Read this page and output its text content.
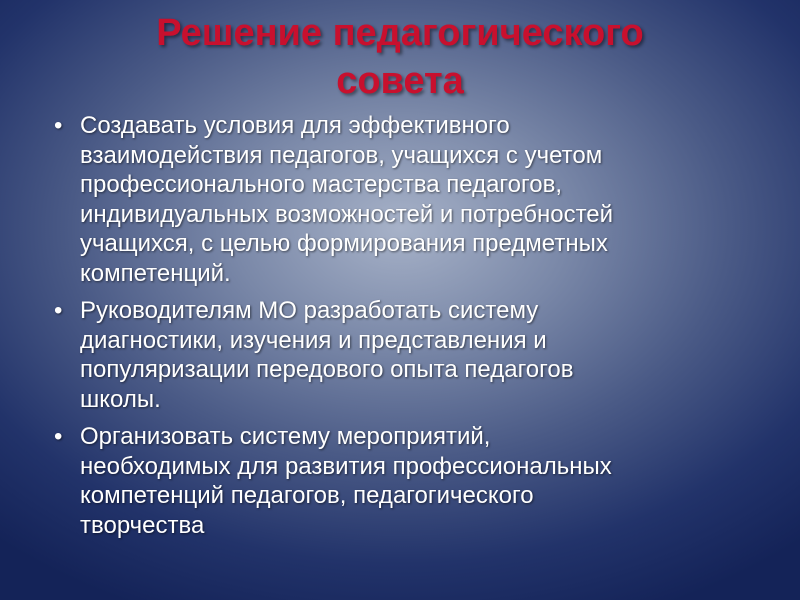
Решение педагогического
совета
• Создавать условия для эффективного
взаимодействия педагогов, учащихся с учетом
профессионального мастерства педагогов,
индивидуальных возможностей и потребностей
учащихся, с целью формирования предметных
компетенций.
• Руководителям МО разработать систему
диагностики, изучения и представления и
популяризации передового опыта педагогов
школы.
• Организовать систему мероприятий,
необходимых для развития профессиональных
компетенций педагогов, педагогического
творчества
